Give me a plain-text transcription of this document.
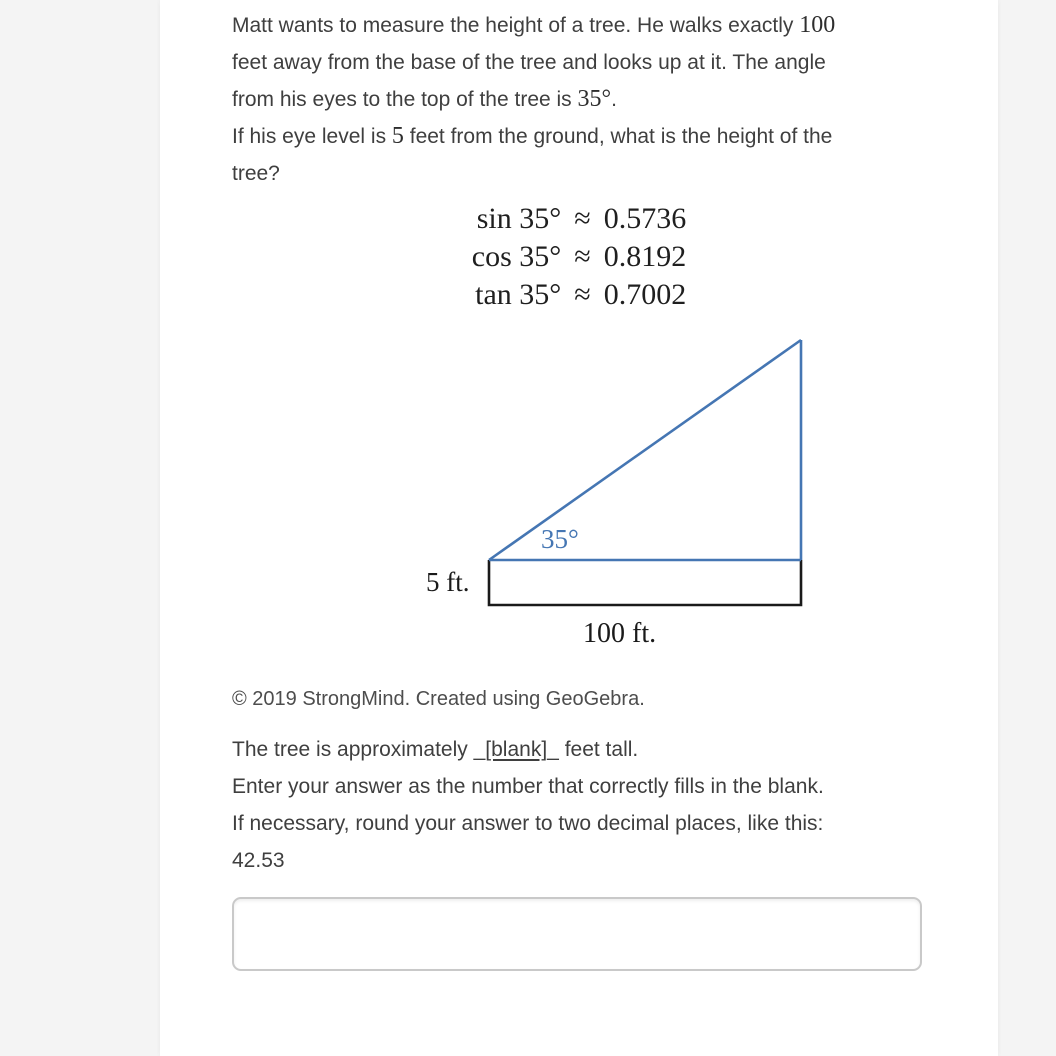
Matt wants to measure the height of a tree. He walks exactly 100
feet away from the base of the tree and looks up at it. The angle
from his eyes to the top of the tree is 35°.

If his eye level is 5 feet from the ground, what is the height of the
tree?

sin 35° ≈ 0.5736
cos 35° ≈ 0.8192
tan 35° ≈ 0.7002
35°
5 ft.
100 ft.

© 2019 StrongMind. Created using GeoGebra.

The tree is approximately _[blank]_ feet tall.

Enter your answer as the number that correctly fills in the blank.

If necessary, round your answer to two decimal places, like this:
42.53
